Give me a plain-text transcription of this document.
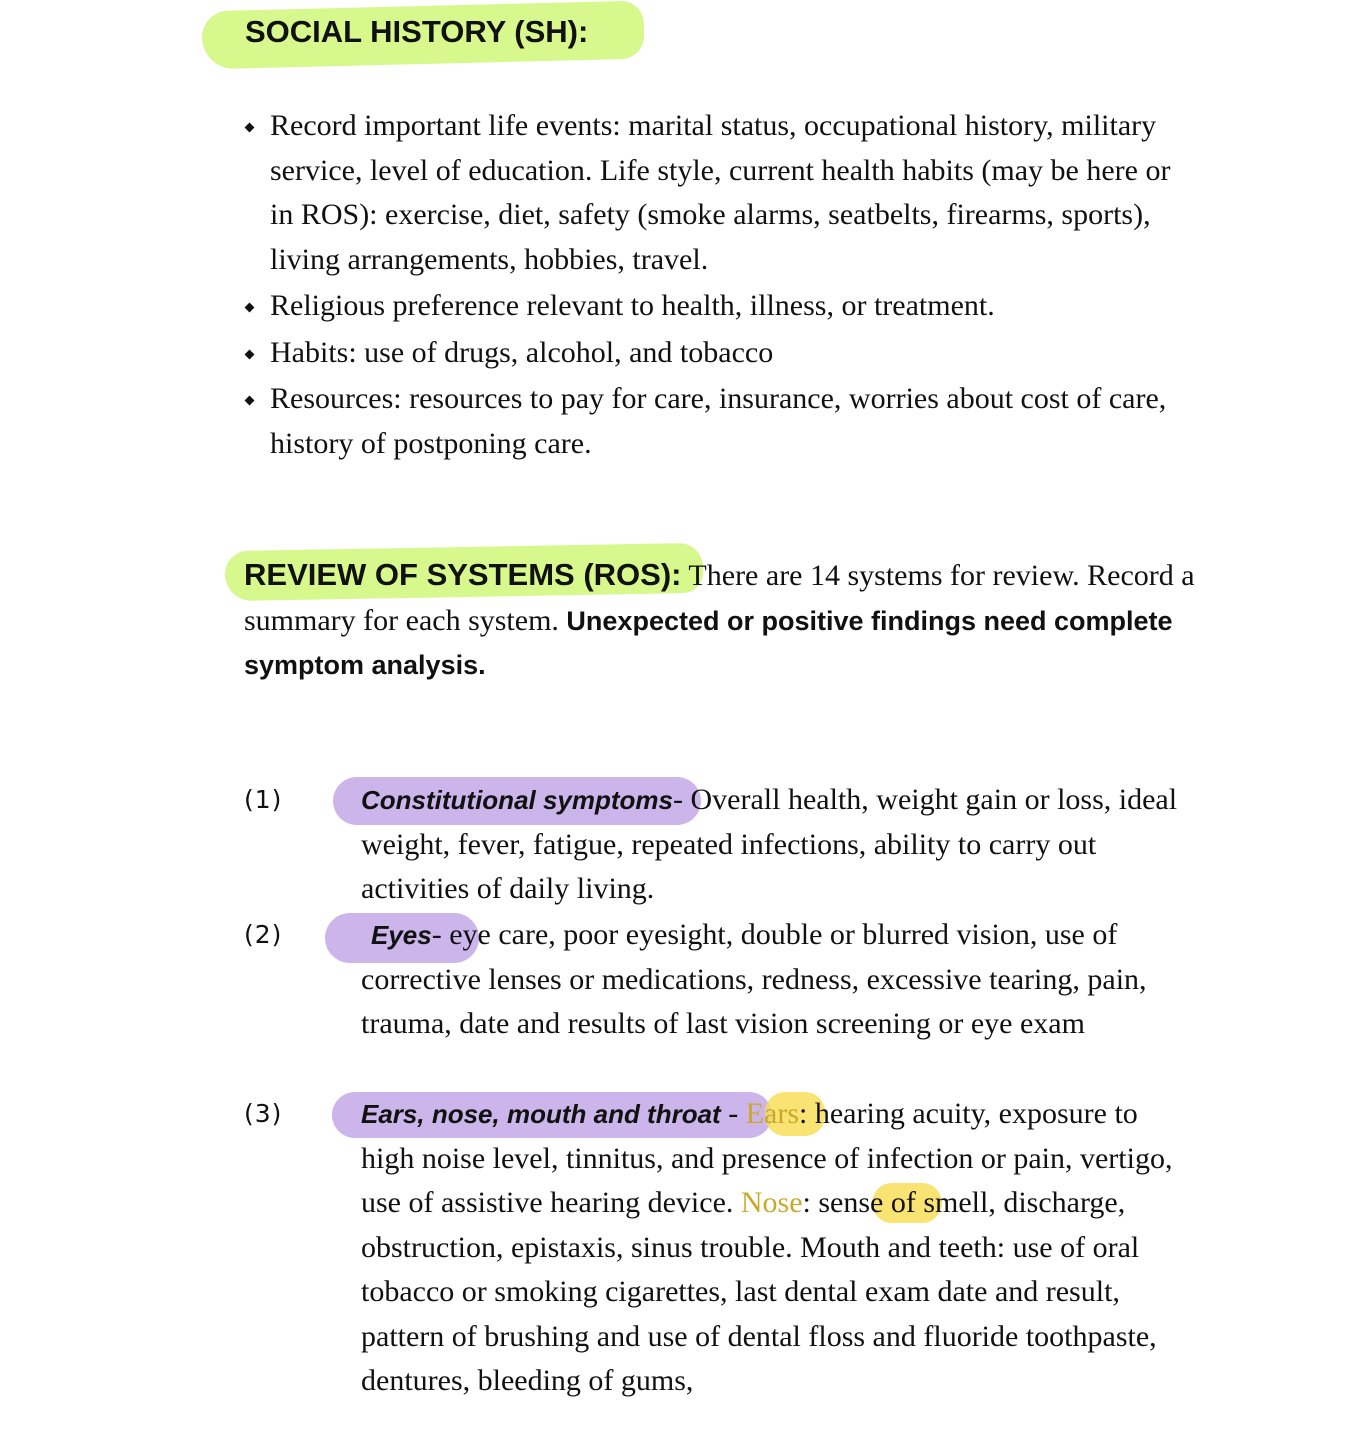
SOCIAL HISTORY (SH):
Record important life events: marital status, occupational history, military service, level of education. Life style, current health habits (may be here or in ROS): exercise, diet, safety (smoke alarms, seatbelts, firearms, sports), living arrangements, hobbies, travel.
Religious preference relevant to health, illness, or treatment.
Habits: use of drugs, alcohol, and tobacco
Resources: resources to pay for care, insurance, worries about cost of care, history of postponing care.
REVIEW OF SYSTEMS (ROS): There are 14 systems for review. Record a summary for each system. Unexpected or positive findings need complete symptom analysis.
(1)	Constitutional symptoms- Overall health, weight gain or loss, ideal weight, fever, fatigue, repeated infections, ability to carry out activities of daily living.
(2)	Eyes- eye care, poor eyesight, double or blurred vision, use of corrective lenses or medications, redness, excessive tearing, pain, trauma, date and results of last vision screening or eye exam
(3)	Ears, nose, mouth and throat - Ears: hearing acuity, exposure to high noise level, tinnitus, and presence of infection or pain, vertigo, use of assistive hearing device. Nose: sense of smell, discharge, obstruction, epistaxis, sinus trouble. Mouth and teeth: use of oral tobacco or smoking cigarettes, last dental exam date and result, pattern of brushing and use of dental floss and fluoride toothpaste, dentures, bleeding of gums,
